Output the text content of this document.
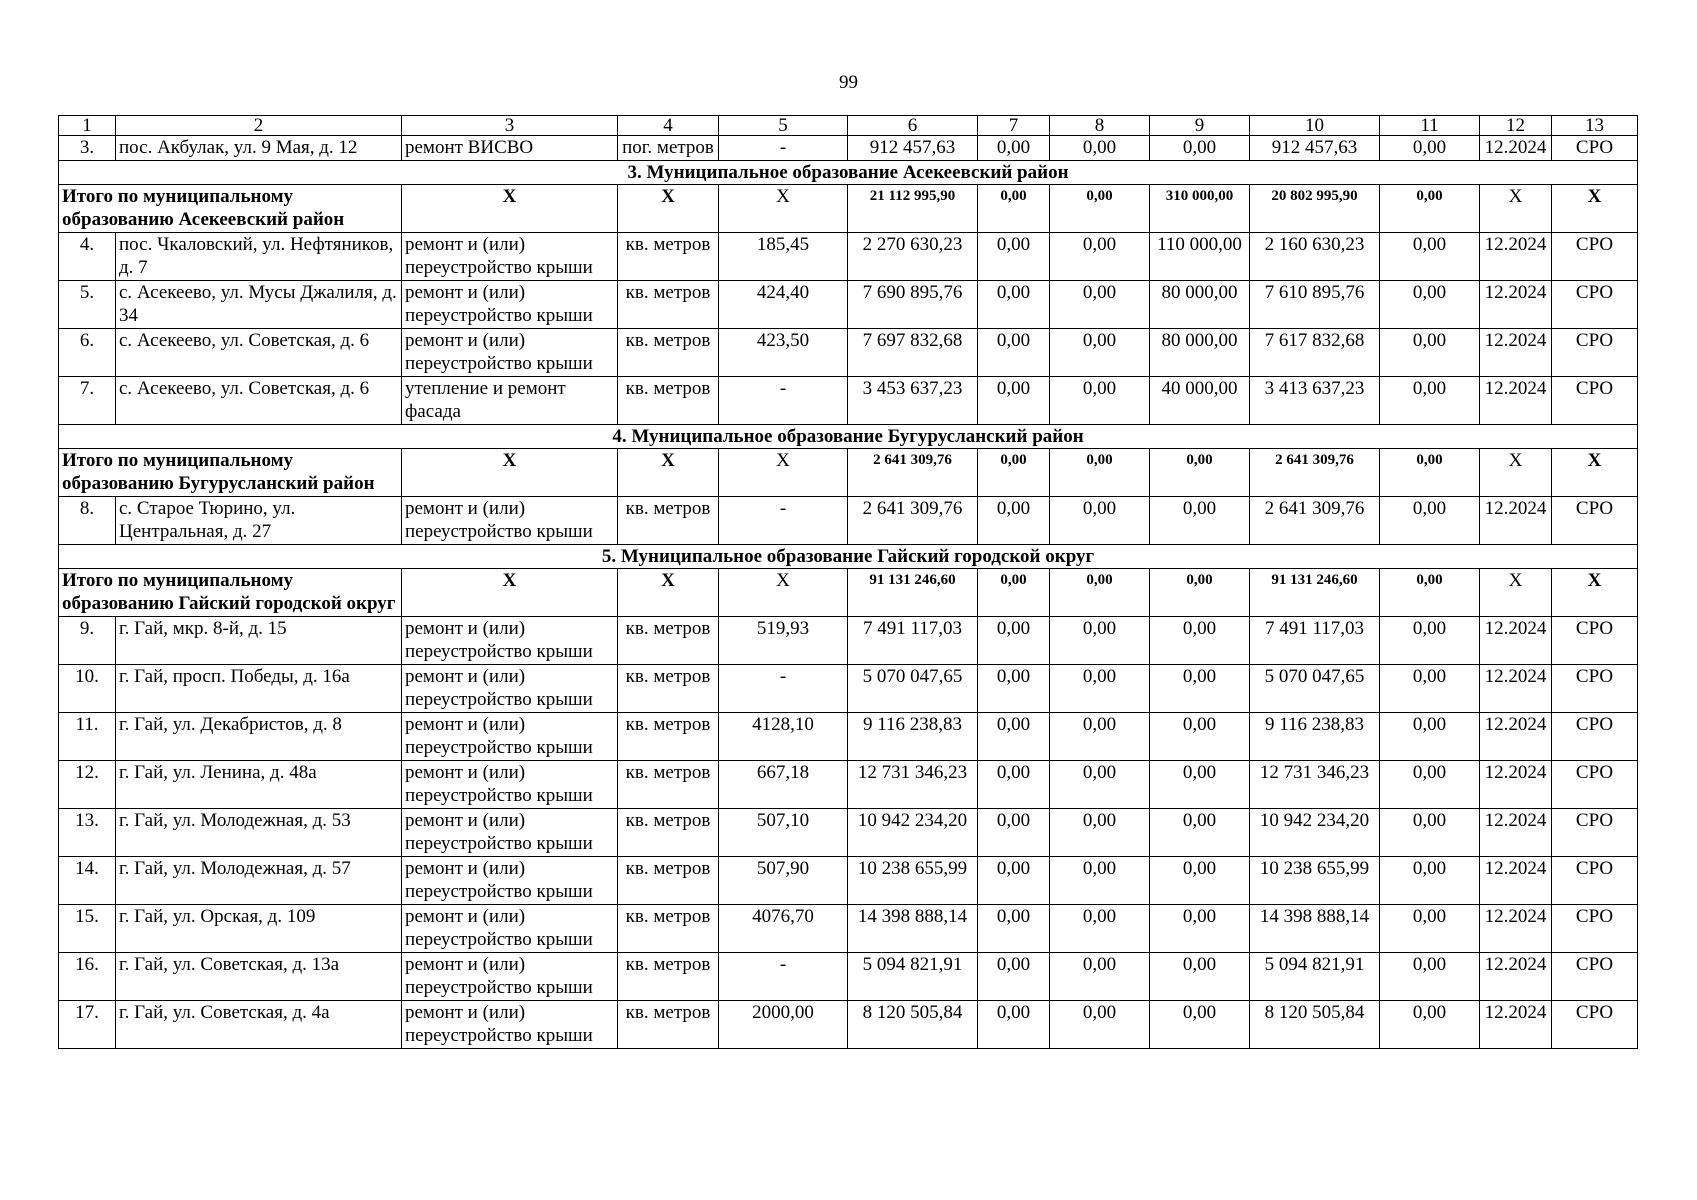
99
1	2	3	4	5	6	7	8	9	10	11	12	13
3.	пос. Акбулак, ул. 9 Мая, д. 12	ремонт ВИСВО	пог. метров	-	912 457,63	0,00	0,00	0,00	912 457,63	0,00	12.2024	СРО
3. Муниципальное образование Асекеевский район												
Итого по муниципальному образованию Асекеевский район		Х	Х	Х	21 112 995,90	0,00	0,00	310 000,00	20 802 995,90	0,00	Х	Х
4.	пос. Чкаловский, ул. Нефтяников, д. 7	ремонт и (или) переустройство крыши	кв. метров	185,45	2 270 630,23	0,00	0,00	110 000,00	2 160 630,23	0,00	12.2024	СРО
5.	с. Асекеево, ул. Мусы Джалиля, д. 34	ремонт и (или) переустройство крыши	кв. метров	424,40	7 690 895,76	0,00	0,00	80 000,00	7 610 895,76	0,00	12.2024	СРО
6.	с. Асекеево, ул. Советская, д. 6	ремонт и (или) переустройство крыши	кв. метров	423,50	7 697 832,68	0,00	0,00	80 000,00	7 617 832,68	0,00	12.2024	СРО
7.	с. Асекеево, ул. Советская, д. 6	утепление и ремонт фасада	кв. метров	-	3 453 637,23	0,00	0,00	40 000,00	3 413 637,23	0,00	12.2024	СРО
4. Муниципальное образование Бугурусланский район												
Итого по муниципальному образованию Бугурусланский район		Х	Х	Х	2 641 309,76	0,00	0,00	0,00	2 641 309,76	0,00	Х	Х
8.	с. Старое Тюрино, ул. Центральная, д. 27	ремонт и (или) переустройство крыши	кв. метров	-	2 641 309,76	0,00	0,00	0,00	2 641 309,76	0,00	12.2024	СРО
5. Муниципальное образование Гайский городской округ												
Итого по муниципальному образованию Гайский городской округ		Х	Х	Х	91 131 246,60	0,00	0,00	0,00	91 131 246,60	0,00	Х	Х
9.	г. Гай, мкр. 8-й, д. 15	ремонт и (или) переустройство крыши	кв. метров	519,93	7 491 117,03	0,00	0,00	0,00	7 491 117,03	0,00	12.2024	СРО
10.	г. Гай, просп. Победы, д. 16а	ремонт и (или) переустройство крыши	кв. метров	-	5 070 047,65	0,00	0,00	0,00	5 070 047,65	0,00	12.2024	СРО
11.	г. Гай, ул. Декабристов, д. 8	ремонт и (или) переустройство крыши	кв. метров	4128,10	9 116 238,83	0,00	0,00	0,00	9 116 238,83	0,00	12.2024	СРО
12.	г. Гай, ул. Ленина, д. 48а	ремонт и (или) переустройство крыши	кв. метров	667,18	12 731 346,23	0,00	0,00	0,00	12 731 346,23	0,00	12.2024	СРО
13.	г. Гай, ул. Молодежная, д. 53	ремонт и (или) переустройство крыши	кв. метров	507,10	10 942 234,20	0,00	0,00	0,00	10 942 234,20	0,00	12.2024	СРО
14.	г. Гай, ул. Молодежная, д. 57	ремонт и (или) переустройство крыши	кв. метров	507,90	10 238 655,99	0,00	0,00	0,00	10 238 655,99	0,00	12.2024	СРО
15.	г. Гай, ул. Орская, д. 109	ремонт и (или) переустройство крыши	кв. метров	4076,70	14 398 888,14	0,00	0,00	0,00	14 398 888,14	0,00	12.2024	СРО
16.	г. Гай, ул. Советская, д. 13а	ремонт и (или) переустройство крыши	кв. метров	-	5 094 821,91	0,00	0,00	0,00	5 094 821,91	0,00	12.2024	СРО
17.	г. Гай, ул. Советская, д. 4а	ремонт и (или) переустройство крыши	кв. метров	2000,00	8 120 505,84	0,00	0,00	0,00	8 120 505,84	0,00	12.2024	СРО
